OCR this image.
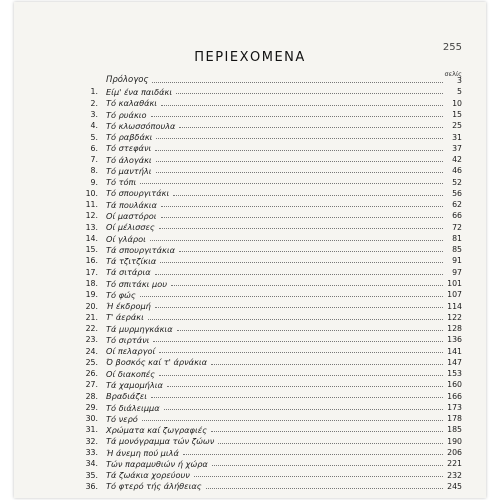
255
ΠΕΡΙΕΧΟΜΕΝΑ
σελίς
Πρόλογος	3
1. Είμ' ένα παιδάκι	5
2. Τό καλαθάκι	10
3. Τό ρυάκιο	15
4. Τό κλωσσόπουλα	25
5. Τό ραβδάκι	31
6. Τό στεφάνι	37
7. Τό άλογάκι	42
8. Τό μαντήλι	46
9. Τό τόπι	52
10. Τό σπουργιτάκι	56
11. Τά πουλάκια	62
12. Οί μαστόροι	66
13. Οί μέλισσες	72
14. Οί γλάροι	81
15. Τά σπουργιτάκια	85
16. Τά τζιτζίκια	91
17. Τά σιτάρια	97
18. Τό σπιτάκι μου	101
19. Τό φώς	107
20. Ή έκδρομή	114
21. Τ' άεράκι	122
22. Τά μυρμηγκάκια	128
23. Τό σιρτάνι	136
24. Οί πελαργοί	141
25. Ό βοσκός καί τ' άρνάκια	147
26. Οί διακοπές	153
27. Τά χαμομήλια	160
28. Βραδιάζει	166
29. Τό διάλειμμα	173
30. Τό νερό	178
31. Χρώματα καί ζωγραφιές	185
32. Τά μονόγραμμα τών ζώων	190
33. Ή άνεμη πού μιλά	206
34. Τών παραμυθιών ή χώρα	221
35. Τά ζωάκια χορεύουν	232
36. Τό φτερό τής άλήθειας	245
